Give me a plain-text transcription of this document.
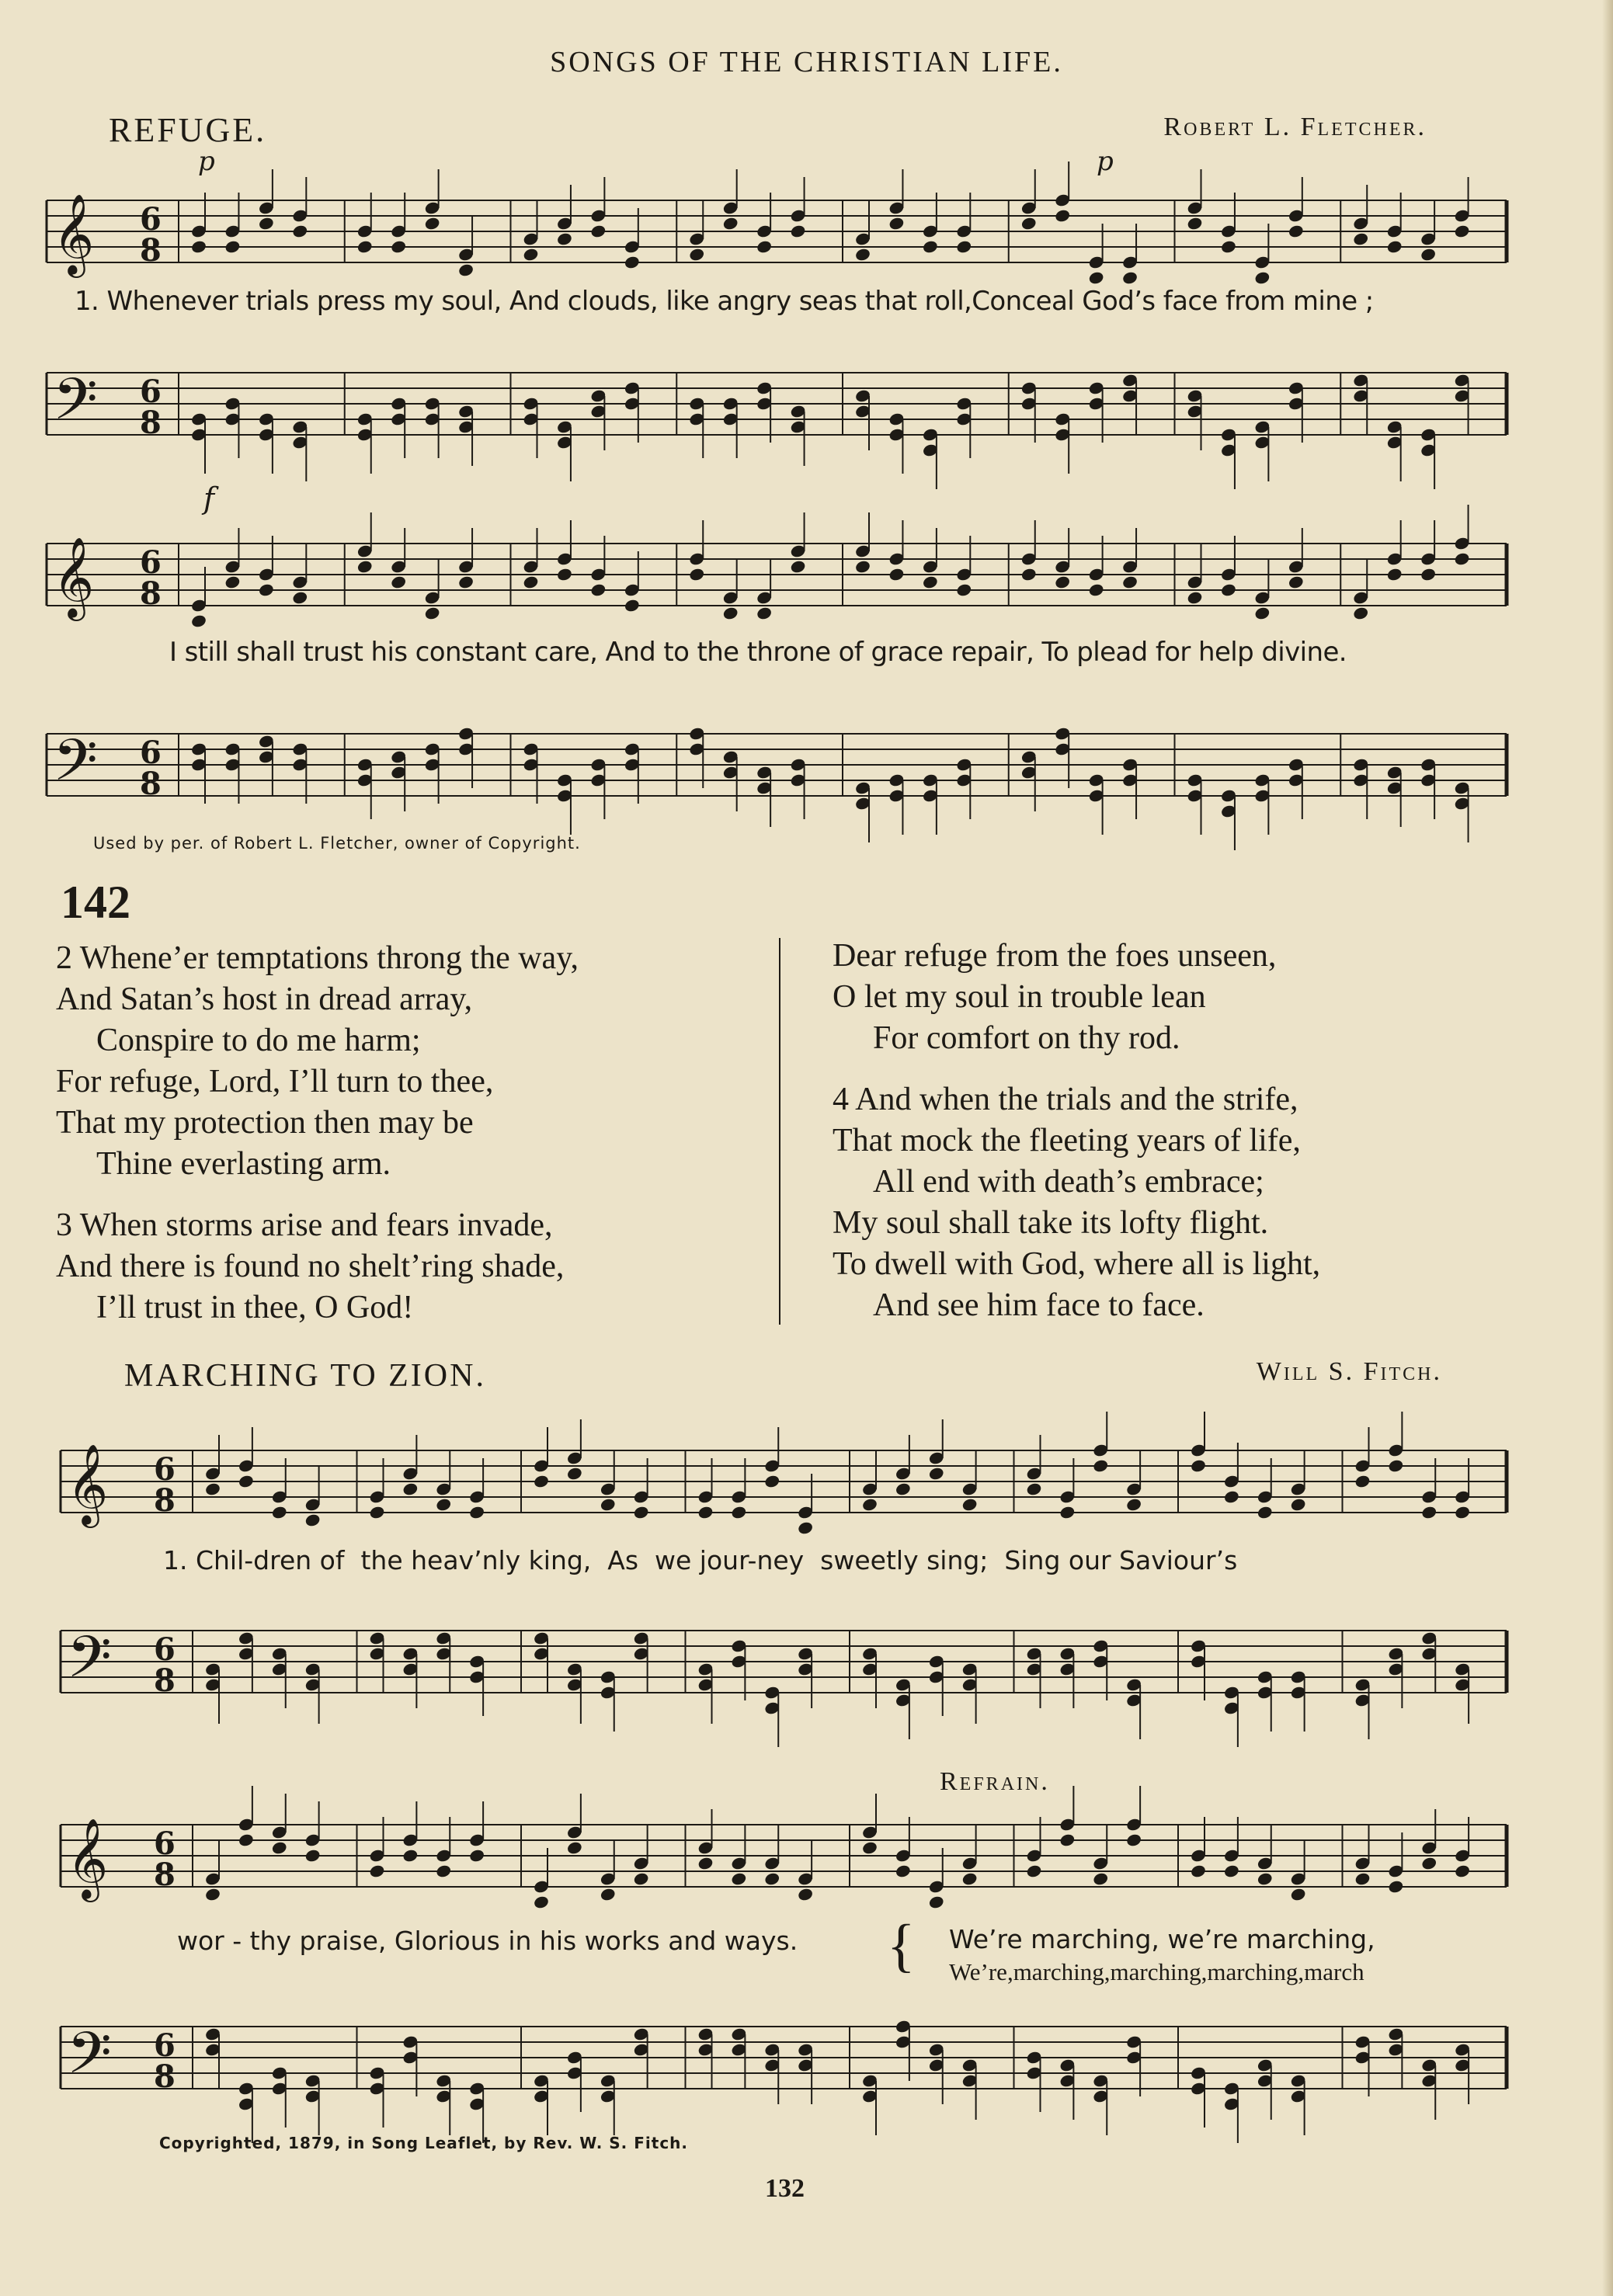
SONGS OF THE CHRISTIAN LIFE.
REFUGE.	Robert L. Fletcher.
p	p
𝄞 6
8
1. Whenever trials press my soul, And clouds, like angry seas that roll,Conceal God’s face from mine ;
𝄢 6
8
f
𝄞 6
8
I still shall trust his constant care, And to the throne of grace repair, To plead for help divine.
𝄢 6
8
Used by per. of Robert L. Fletcher, owner of Copyright.
142
2 Whene’er temptations throng the way,
And Satan’s host in dread array,
Conspire to do me harm;
For refuge, Lord, I’ll turn to thee,
That my protection then may be
Thine everlasting arm.
3 When storms arise and fears invade,
And there is found no shelt’ring shade,
I’ll trust in thee, O God!
Dear refuge from the foes unseen,
O let my soul in trouble lean
For comfort on thy rod.
4 And when the trials and the strife,
That mock the fleeting years of life,
All end with death’s embrace;
My soul shall take its lofty flight.
To dwell with God, where all is light,
And see him face to face.
MARCHING TO ZION.	Will S. Fitch.
𝄞 6
8
1. Chil-dren of  the heav’nly king,  As  we jour-ney  sweetly sing;  Sing our Saviour’s
𝄢 6
8
Refrain.
𝄞 6
8
wor - thy praise, Glorious in his works and ways. { We’re marching, we’re marching,
We’re,marching,marching,marching,march
𝄢 6
8
Copyrighted, 1879, in Song Leaflet, by Rev. W. S. Fitch.
132
